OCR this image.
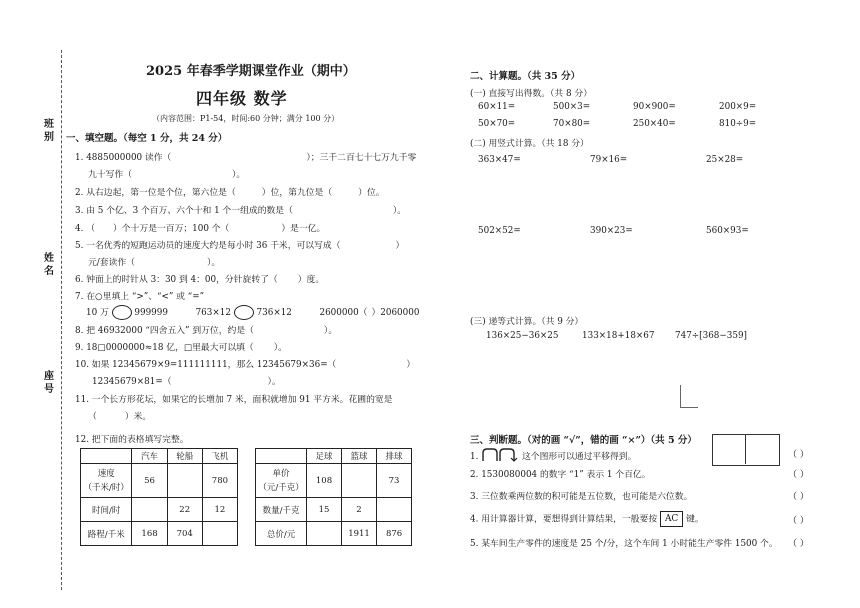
班别
姓名
座号
2025 年春季学期课堂作业（期中）
四年级 数学
（内容范围：P1-54，时间:60 分钟；满分 100 分）
一、填空题。（每空 1 分，共 24 分）
1. 4885000000 读作（	）；三千二百七十七万九千零
九十写作（	）。
2. 从右边起，第一位是个位，第六位是（	）位，第九位是（	）位。
3. 由 5 个亿、3 个百万、六个十和 1 个一组成的数是（	）。
4. （ ）个十万是一百万；100 个（	）是一亿。
5. 一名优秀的短跑运动员的速度大约是每小时 36 千米，可以写成（	）
元/套读作（	）。
6. 钟面上的时针从 3：30 到 4：00，分针旋转了（ ）度。
7. 在○里填上 “>”、“<” 或 “=”
10 万	999999	763×12	736×12	2600000（ ）2060000
8. 把 46932000 “四舍五入” 到万位，约是（	）。
9. 18□0000000≈18 亿，□里最大可以填（ ）。
10. 如果 12345679×9=111111111，那么 12345679×36=（	）
12345679×81=（	）。
11. 一个长方形花坛，如果它的长增加 7 米，面积就增加 91 平方米。花圃的宽是
（	）米。
12. 把下面的表格填写完整。
	汽车	轮船	飞机
速度
（千米/时）	56		780
时间/时		22	12
路程/千米	168	704	
	足球	篮球	排球
单价
（元/千克）	108		73
数量/千克	15	2	
总价/元		1911	876
二、计算题。（共 35 分）
(一) 直接写出得数。（共 8 分）
60×11=	500×3=	90×900=	200×9=
50×70=	70×80=	250×40=	810÷9=
(二) 用竖式计算。（共 18 分）
363×47=	79×16=	25×28=
502×52=	390×23=	560×93=
(三) 递等式计算。（共 9 分）
136×25−36×25	133×18+18×67 747÷[368−359]
三、判断题。（对的画 “√”，错的画 “×”）（共 5 分）
1.	这个图形可以通过平移得到。	（ ）
2. 1530080004 的数字 “1” 表示 1 个百亿。	（ ）
3. 三位数乘两位数的积可能是五位数，也可能是六位数。	（ ）
4. 用计算器计算，要想得到计算结果，一般要按 AC 键。	（ ）
5. 某车间生产零件的速度是 25 个/分，这个车间 1 小时能生产零件 1500 个。 （ ）
